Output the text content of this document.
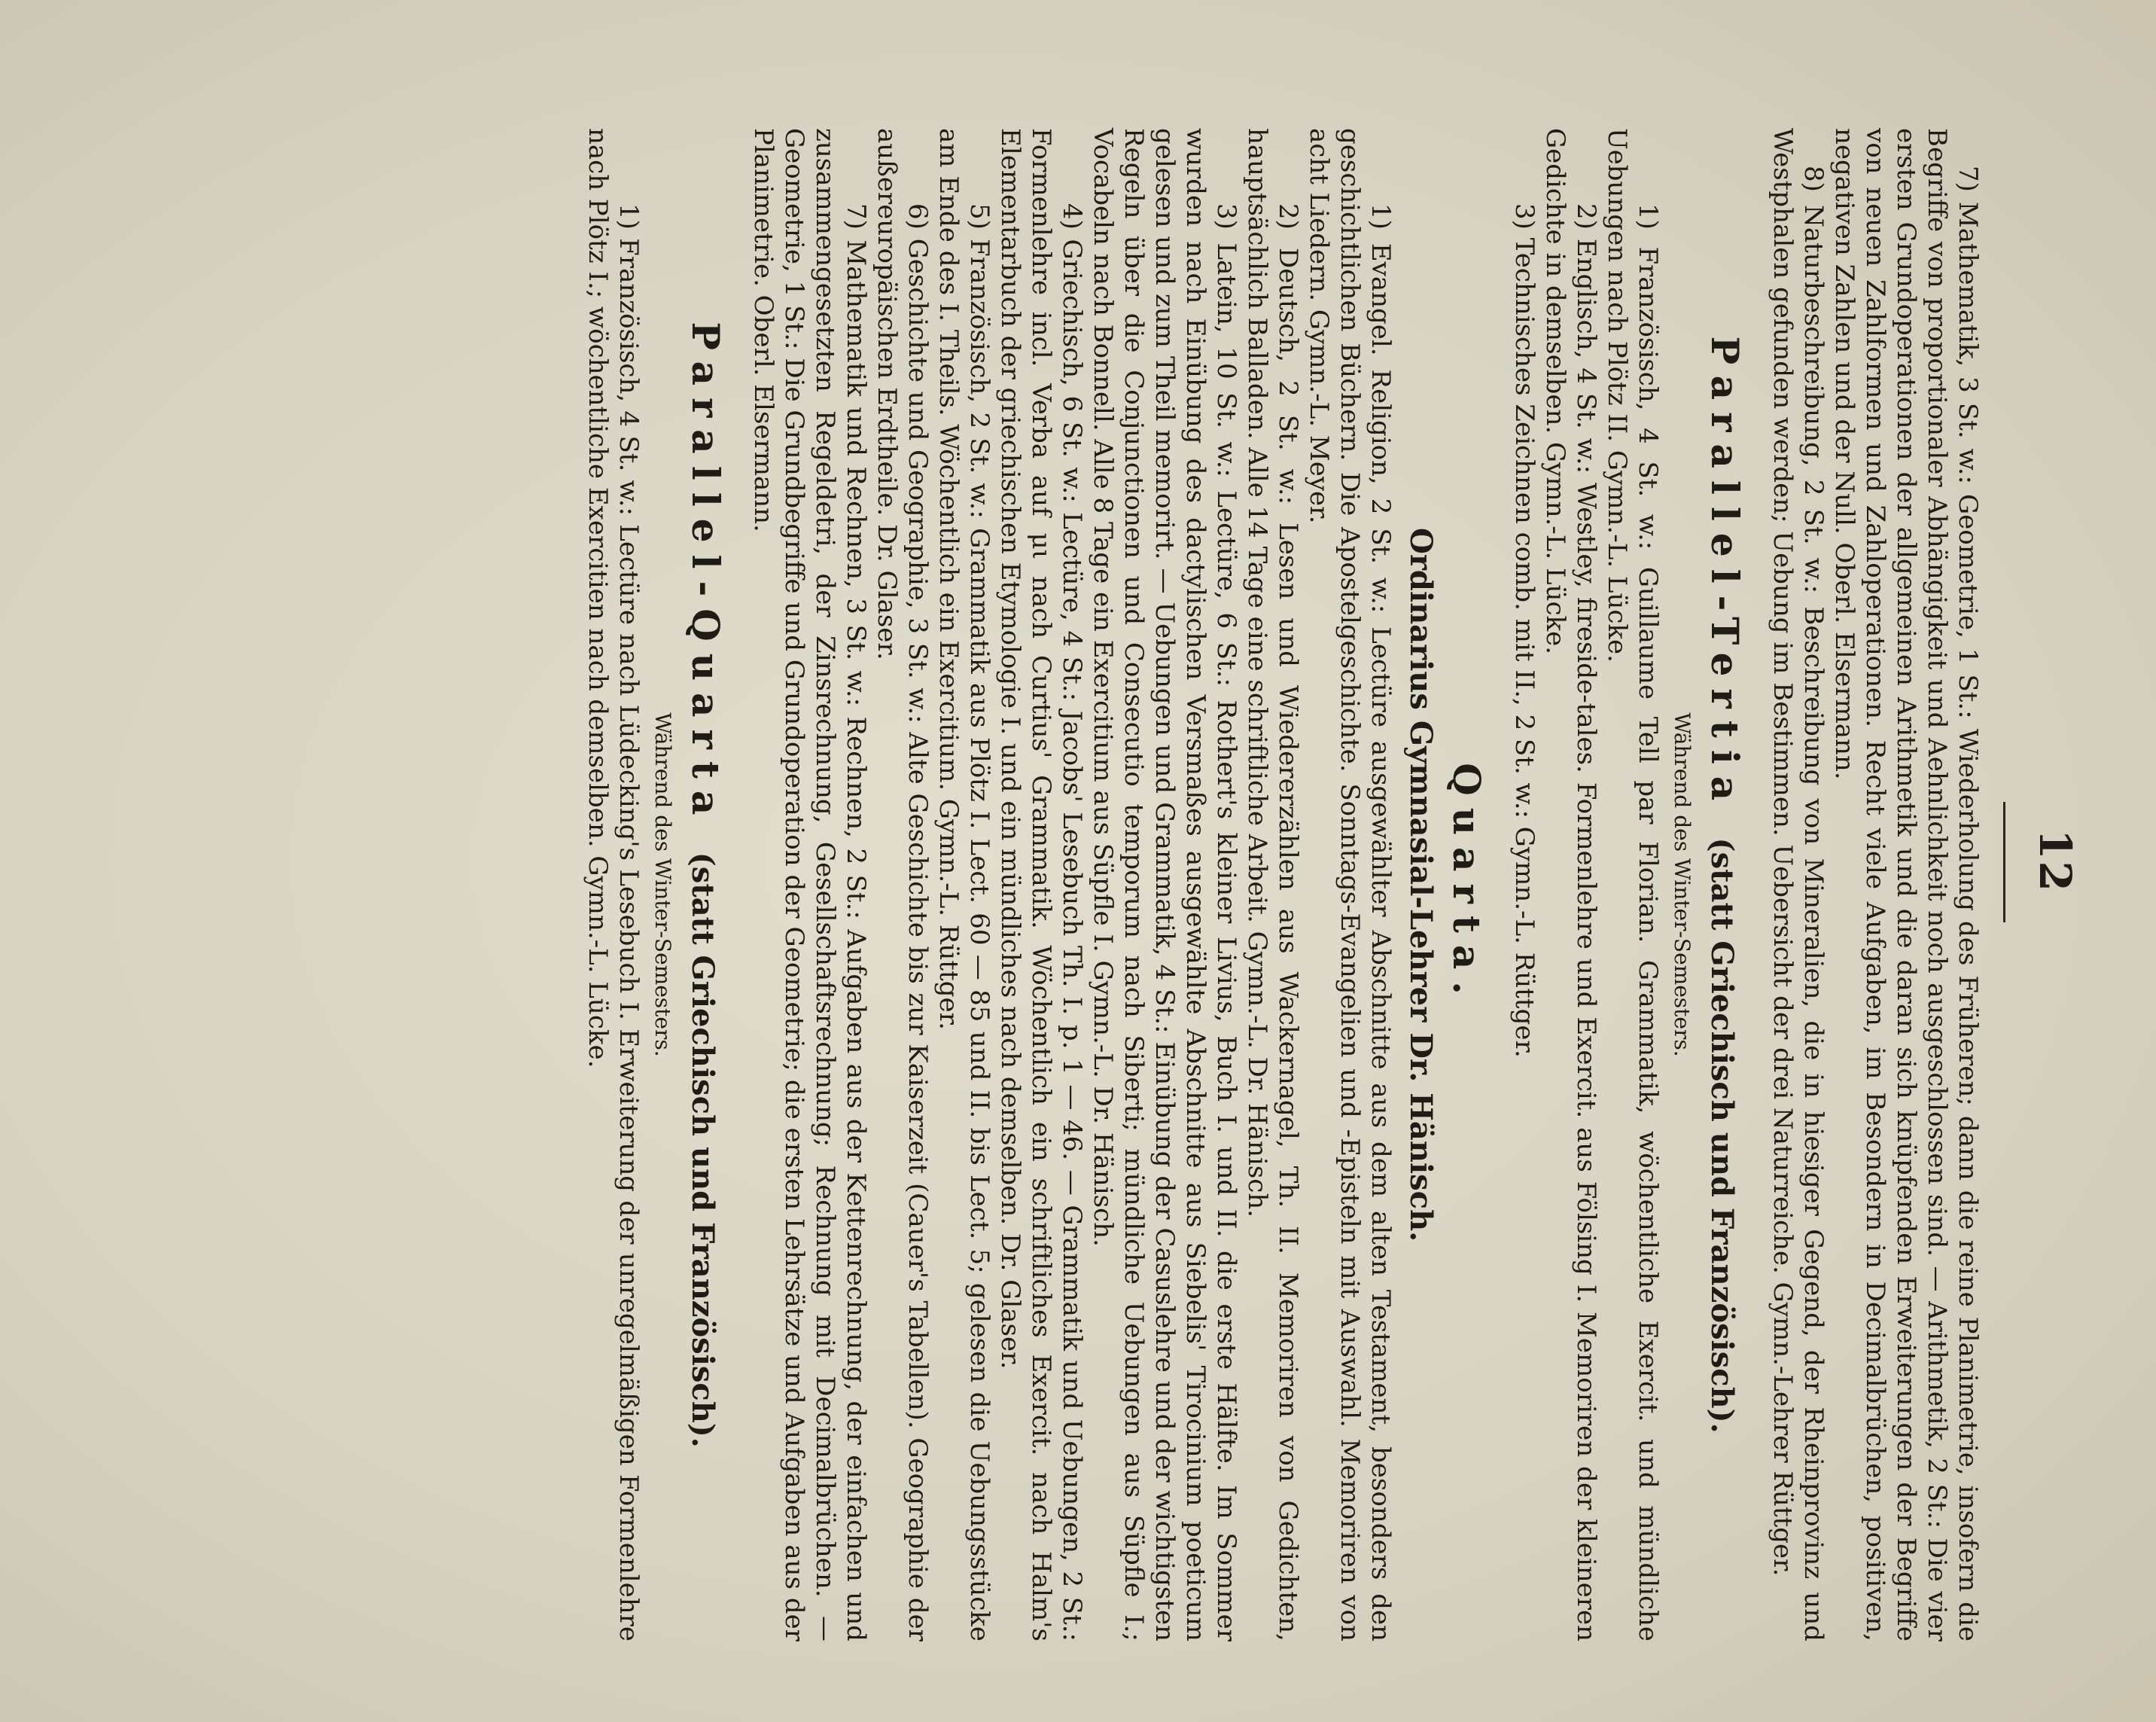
12

7) Mathematik, 3 St. w.: Geometrie, 1 St.: Wiederholung des Früheren; dann die reine Planimetrie, insofern die Begriffe von proportionaler Abhängigkeit und Aehnlichkeit noch ausgeschlossen sind. — Arithmetik, 2 St.: Die vier ersten Grundoperationen der allgemeinen Arithmetik und die daran sich knüpfenden Erweiterungen der Begriffe von neuen Zahlformen und Zahloperationen. Recht viele Aufgaben, im Besondern in Decimalbrüchen, positiven, negativen Zahlen und der Null. Oberl. Elsermann.

8) Naturbeschreibung, 2 St. w.: Beschreibung von Mineralien, die in hiesiger Gegend, der Rheinprovinz und Westphalen gefunden werden; Uebung im Bestimmen. Uebersicht der drei Naturreiche. Gymn.-Lehrer Rüttger.

Parallel-Tertia (statt Griechisch und Französisch).
Während des Winter-Semesters.

1) Französisch, 4 St. w.: Guillaume Tell par Florian. Grammatik, wöchentliche Exercit. und mündliche Uebungen nach Plötz II. Gymn.-L. Lücke.

2) Englisch, 4 St. w.: Westley, fireside-tales. Formenlehre und Exercit. aus Fölsing I. Memoriren der kleineren Gedichte in demselben. Gymn.-L. Lücke.

3) Technisches Zeichnen comb. mit II., 2 St. w.: Gymn.-L. Rüttger.

Quarta.
Ordinarius Gymnasial-Lehrer Dr. Hänisch.

1) Evangel. Religion, 2 St. w.: Lectüre ausgewählter Abschnitte aus dem alten Testament, besonders den geschichtlichen Büchern. Die Apostelgeschichte. Sonntags-Evangelien und -Episteln mit Auswahl. Memoriren von acht Liedern. Gymn.-L. Meyer.

2) Deutsch, 2 St. w.: Lesen und Wiedererzählen aus Wackernagel, Th. II. Memoriren von Gedichten, hauptsächlich Balladen. Alle 14 Tage eine schriftliche Arbeit. Gymn.-L. Dr. Hänisch.

3) Latein, 10 St. w.: Lectüre, 6 St.: Rothert's kleiner Livius, Buch I. und II. die erste Hälfte. Im Sommer wurden nach Einübung des dactylischen Versmaßes ausgewählte Abschnitte aus Siebelis' Tirocinium poeticum gelesen und zum Theil memorirt. — Uebungen und Grammatik, 4 St.: Einübung der Casuslehre und der wichtigsten Regeln über die Conjunctionen und Consecutio temporum nach Siberti; mündliche Uebungen aus Süpfle I.; Vocabeln nach Bonnell. Alle 8 Tage ein Exercitium aus Süpfle I. Gymn.-L. Dr. Hänisch.

4) Griechisch, 6 St. w.: Lectüre, 4 St.: Jacobs' Lesebuch Th. I. p. 1 — 46. — Grammatik und Uebungen, 2 St.: Formenlehre incl. Verba auf μι nach Curtius' Grammatik. Wöchentlich ein schriftliches Exercit. nach Halm's Elementarbuch der griechischen Etymologie I. und ein mündliches nach demselben. Dr. Glaser.

5) Französisch, 2 St. w.: Grammatik aus Plötz I. Lect. 60 — 85 und II. bis Lect. 5; gelesen die Uebungsstücke am Ende des I. Theils. Wöchentlich ein Exercitium. Gymn.-L. Rüttger.

6) Geschichte und Geographie, 3 St. w.: Alte Geschichte bis zur Kaiserzeit (Cauer's Tabellen). Geographie der außereuropäischen Erdtheile. Dr. Glaser.

7) Mathematik und Rechnen, 3 St. w.: Rechnen, 2 St.: Aufgaben aus der Kettenrechnung, der einfachen und zusammengesetzten Regeldetri, der Zinsrechnung, Gesellschaftsrechnung; Rechnung mit Decimalbrüchen. — Geometrie, 1 St.: Die Grundbegriffe und Grundoperation der Geometrie; die ersten Lehrsätze und Aufgaben aus der Planimetrie. Oberl. Elsermann.

Parallel-Quarta (statt Griechisch und Französisch).
Während des Winter-Semesters.

1) Französisch, 4 St. w.: Lectüre nach Lüdecking's Lesebuch I. Erweiterung der unregelmäßigen Formenlehre nach Plötz I.; wöchentliche Exercitien nach demselben. Gymn.-L. Lücke.
